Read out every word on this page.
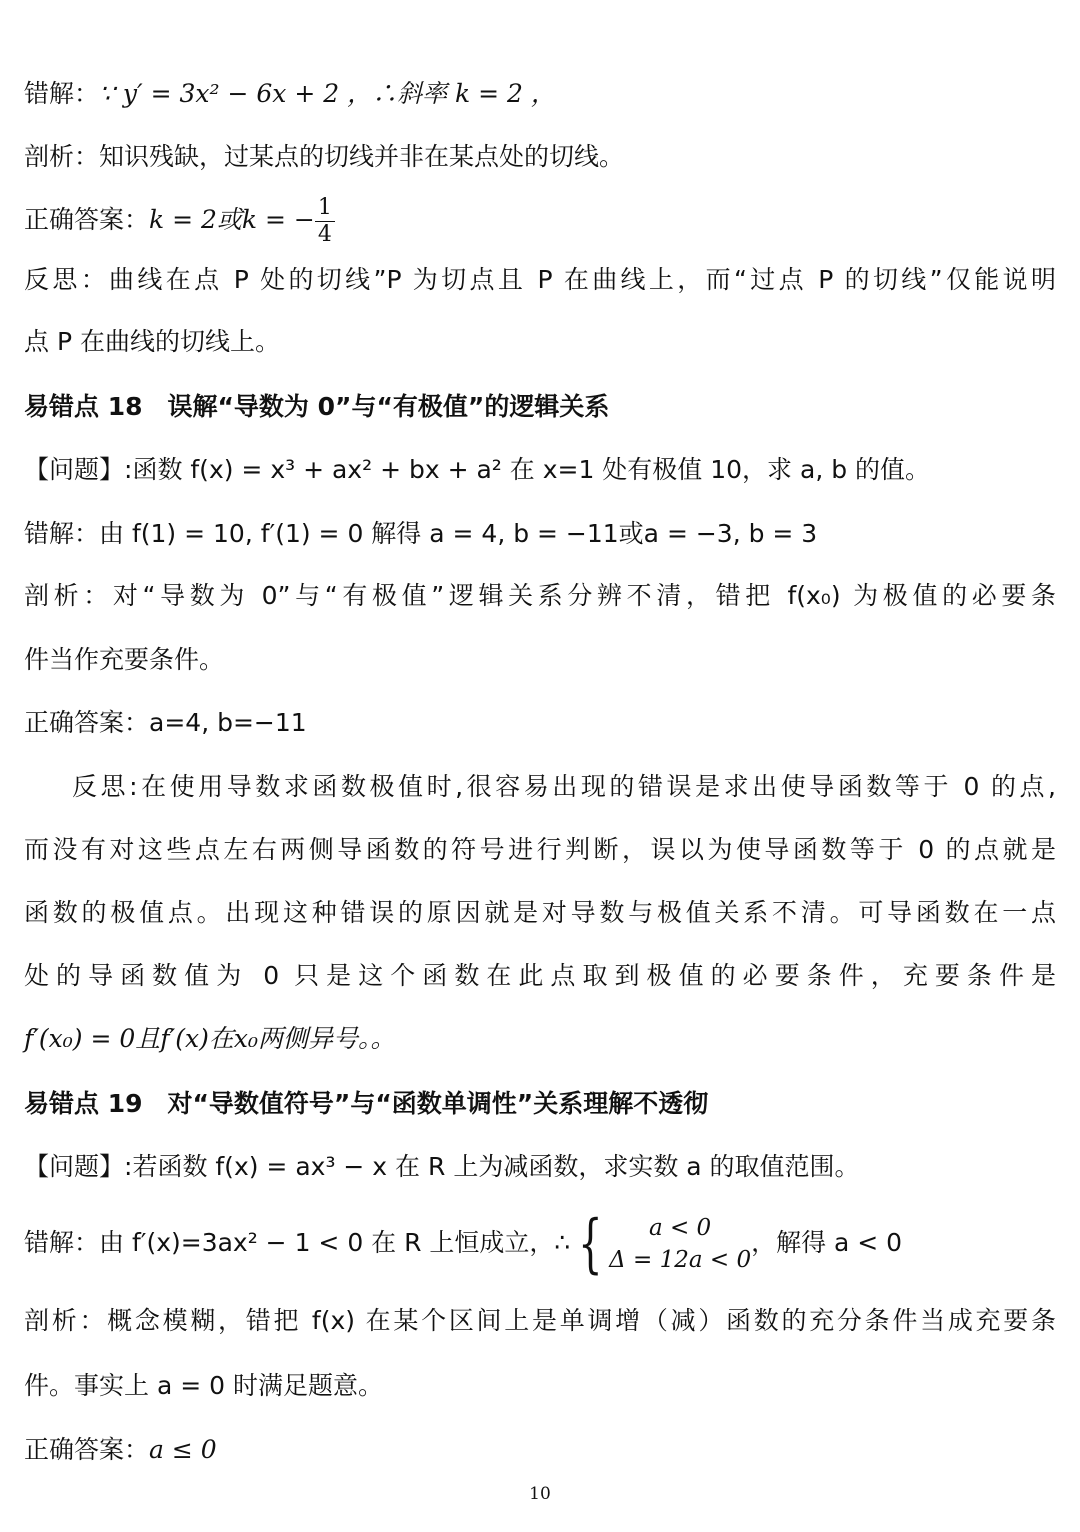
错解：∵ y′ = 3x² − 6x + 2 ，∴斜率 k = 2 ，
剖析：知识残缺，过某点的切线并非在某点处的切线。
正确答案：k = 2或k = − $\frac{1}{4}$
反思：曲线在点 P 处的切线”P 为切点且 P 在曲线上，而“过点 P 的切线”仅能说明
点 P 在曲线的切线上。
易错点 18　误解“导数为 0”与“有极值”的逻辑关系
【问题】:函数 f(x) = x³ + ax² + bx + a² 在 x=1 处有极值 10，求 a, b 的值。
错解：由 f(1) = 10, f′(1) = 0 解得 a = 4, b = −11或a = −3, b = 3
剖析：对“导数为 0”与“有极值”逻辑关系分辨不清，错把 f(x₀) 为极值的必要条
件当作充要条件。
正确答案：a=4, b=−11
反思:在使用导数求函数极值时,很容易出现的错误是求出使导函数等于 0 的点,
而没有对这些点左右两侧导函数的符号进行判断，误以为使导函数等于 0 的点就是
函数的极值点。出现这种错误的原因就是对导数与极值关系不清。可导函数在一点
处的导函数值为 0 只是这个函数在此点取到极值的必要条件，充要条件是
f′(x₀) = 0且f′(x)在x₀两侧异号。。
易错点 19　对“导数值符号”与“函数单调性”关系理解不透彻
【问题】:若函数 f(x) = ax³ − x 在 R 上为减函数，求实数 a 的取值范围。
错解：由 f′(x)=3ax² − 1 < 0 在 R 上恒成立，∴ {	a < 0
Δ = 12a < 0
，解得 a < 0
剖析：概念模糊，错把 f(x) 在某个区间上是单调增（减）函数的充分条件当成充要条
件。事实上 a = 0 时满足题意。
正确答案：a ≤ 0
10
